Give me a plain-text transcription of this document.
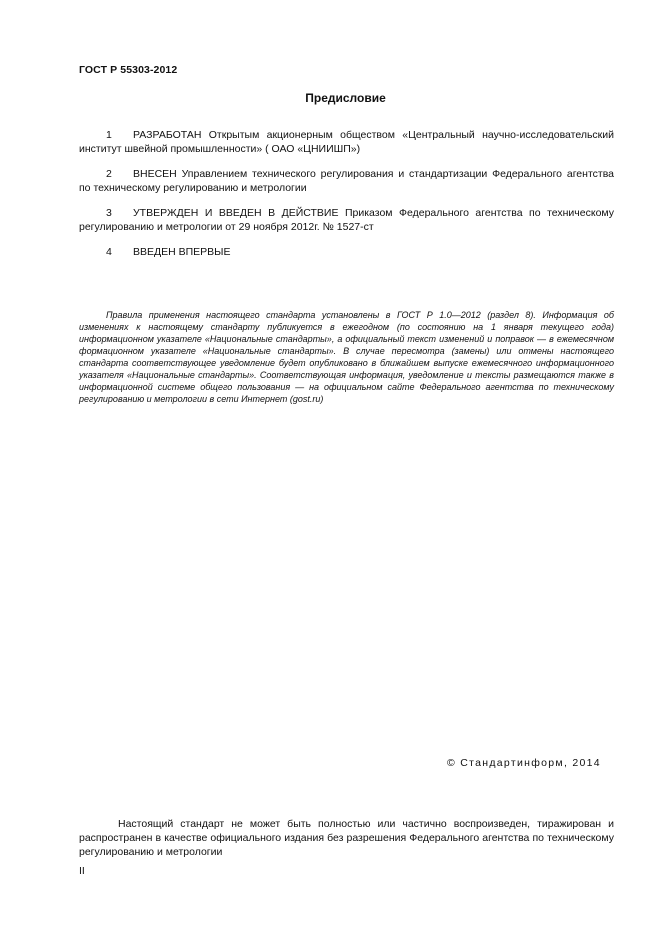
ГОСТ Р 55303-2012
Предисловие

1 РАЗРАБОТАН Открытым акционерным обществом «Центральный научно-исследовательский институт швейной промышленности» ( ОАО «ЦНИИШП»)

2 ВНЕСЕН Управлением технического регулирования и стандартизации Федерального агентства по техническому регулированию и метрологии

3 УТВЕРЖДЕН И ВВЕДЕН В ДЕЙСТВИЕ Приказом Федерального агентства по техническому регулированию и метрологии от 29 ноября 2012г. № 1527-ст

4 ВВЕДЕН ВПЕРВЫЕ

Правила применения настоящего стандарта установлены в ГОСТ Р 1.0—2012 (раздел 8). Информация об изменениях к настоящему стандарту публикуется в ежегодном (по состоянию на 1 января текущего года) информационном указателе «Национальные стандарты», а официальный текст изменений и поправок — в ежемесячном формационном указателе «Национальные стандарты». В случае пересмотра (замены) или отмены настоящего стандарта соответствующее уведомление будет опубликовано в ближайшем выпуске ежемесячного информационного указателя «Национальные стандарты». Соответствующая информация, уведомление и тексты размещаются также в информационной системе общего пользования — на официальном сайте Федерального агентства по техническому регулированию и метрологии в сети Интернет (gost.ru)

© Стандартинформ, 2014

Настоящий стандарт не может быть полностью или частично воспроизведен, тиражирован и распространен в качестве официального издания без разрешения Федерального агентства по техническому регулированию и метрологии

II
